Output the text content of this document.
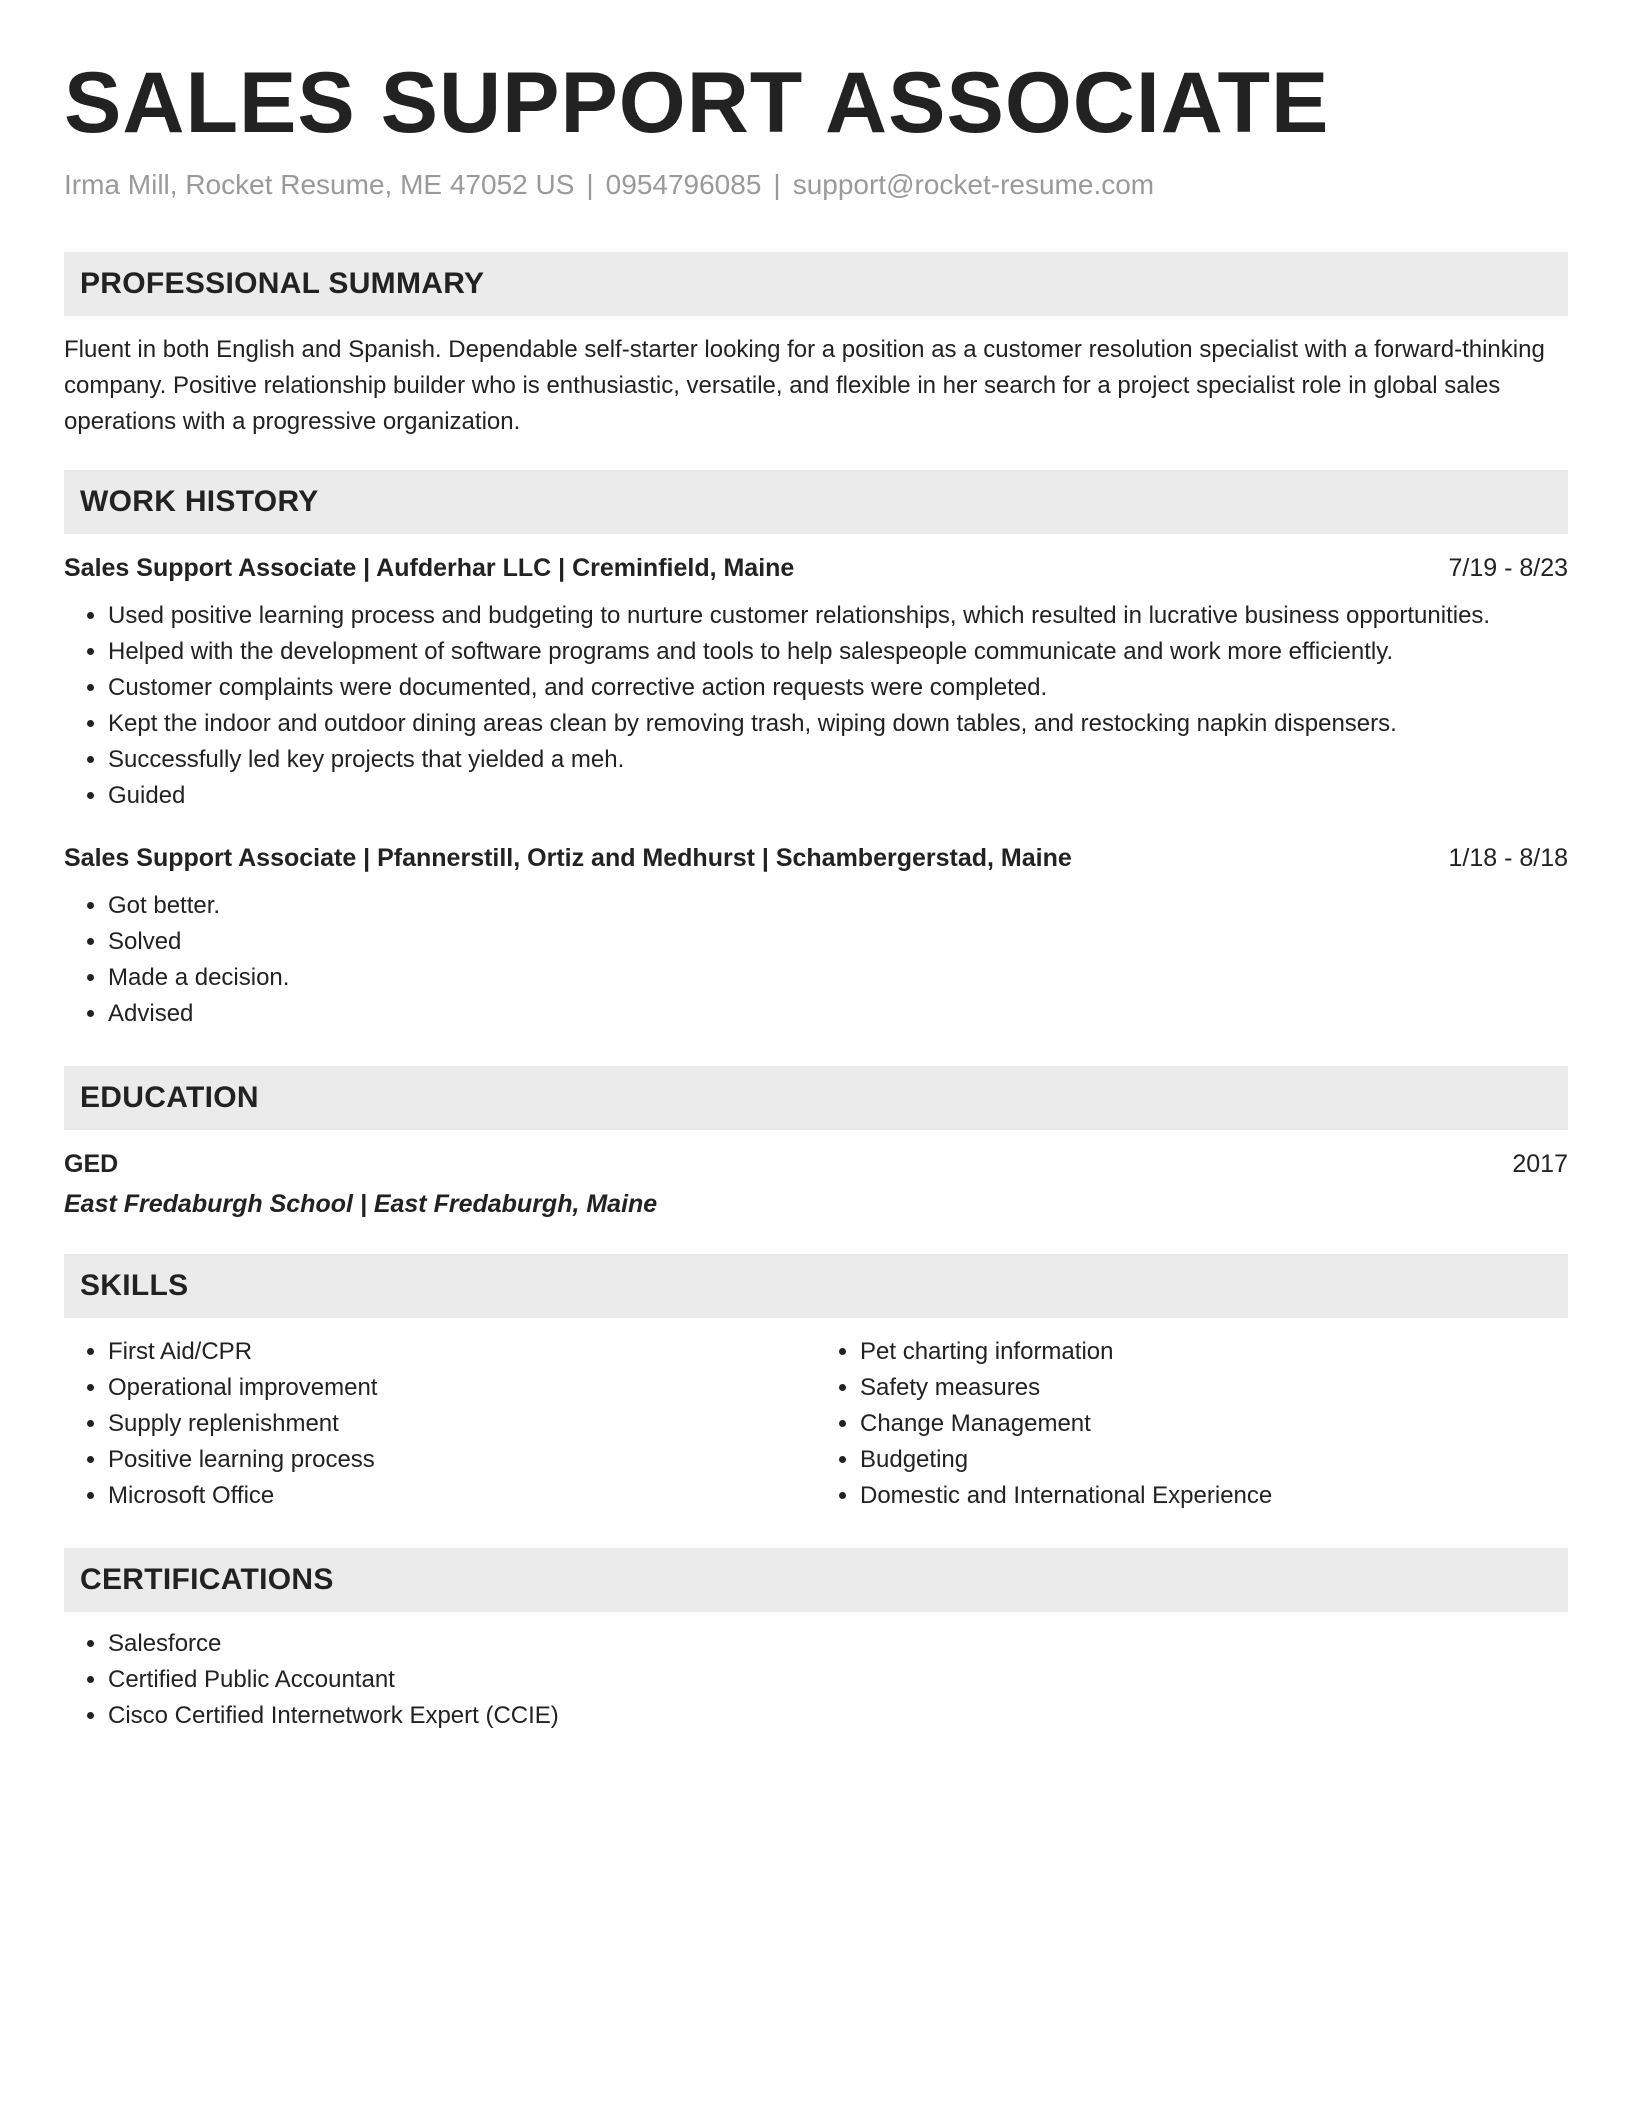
SALES SUPPORT ASSOCIATE
Irma Mill, Rocket Resume, ME 47052 US | 0954796085 | support@rocket-resume.com
PROFESSIONAL SUMMARY

Fluent in both English and Spanish. Dependable self-starter looking for a position as a customer resolution specialist with a forward-thinking company. Positive relationship builder who is enthusiastic, versatile, and flexible in her search for a project specialist role in global sales operations with a progressive organization.

WORK HISTORY
Sales Support Associate | Aufderhar LLC | Creminfield, Maine	7/19 - 8/23
• Used positive learning process and budgeting to nurture customer relationships, which resulted in lucrative business opportunities.
• Helped with the development of software programs and tools to help salespeople communicate and work more efficiently.
• Customer complaints were documented, and corrective action requests were completed.
• Kept the indoor and outdoor dining areas clean by removing trash, wiping down tables, and restocking napkin dispensers.
• Successfully led key projects that yielded a meh.
• Guided
Sales Support Associate | Pfannerstill, Ortiz and Medhurst | Schambergerstad, Maine	1/18 - 8/18
• Got better.
• Solved
• Made a decision.
• Advised
EDUCATION
GED	2017
East Fredaburgh School | East Fredaburgh, Maine
SKILLS
• First Aid/CPR
• Operational improvement
• Supply replenishment
• Positive learning process
• Microsoft Office
• Pet charting information
• Safety measures
• Change Management
• Budgeting
• Domestic and International Experience
CERTIFICATIONS
• Salesforce
• Certified Public Accountant
• Cisco Certified Internetwork Expert (CCIE)
